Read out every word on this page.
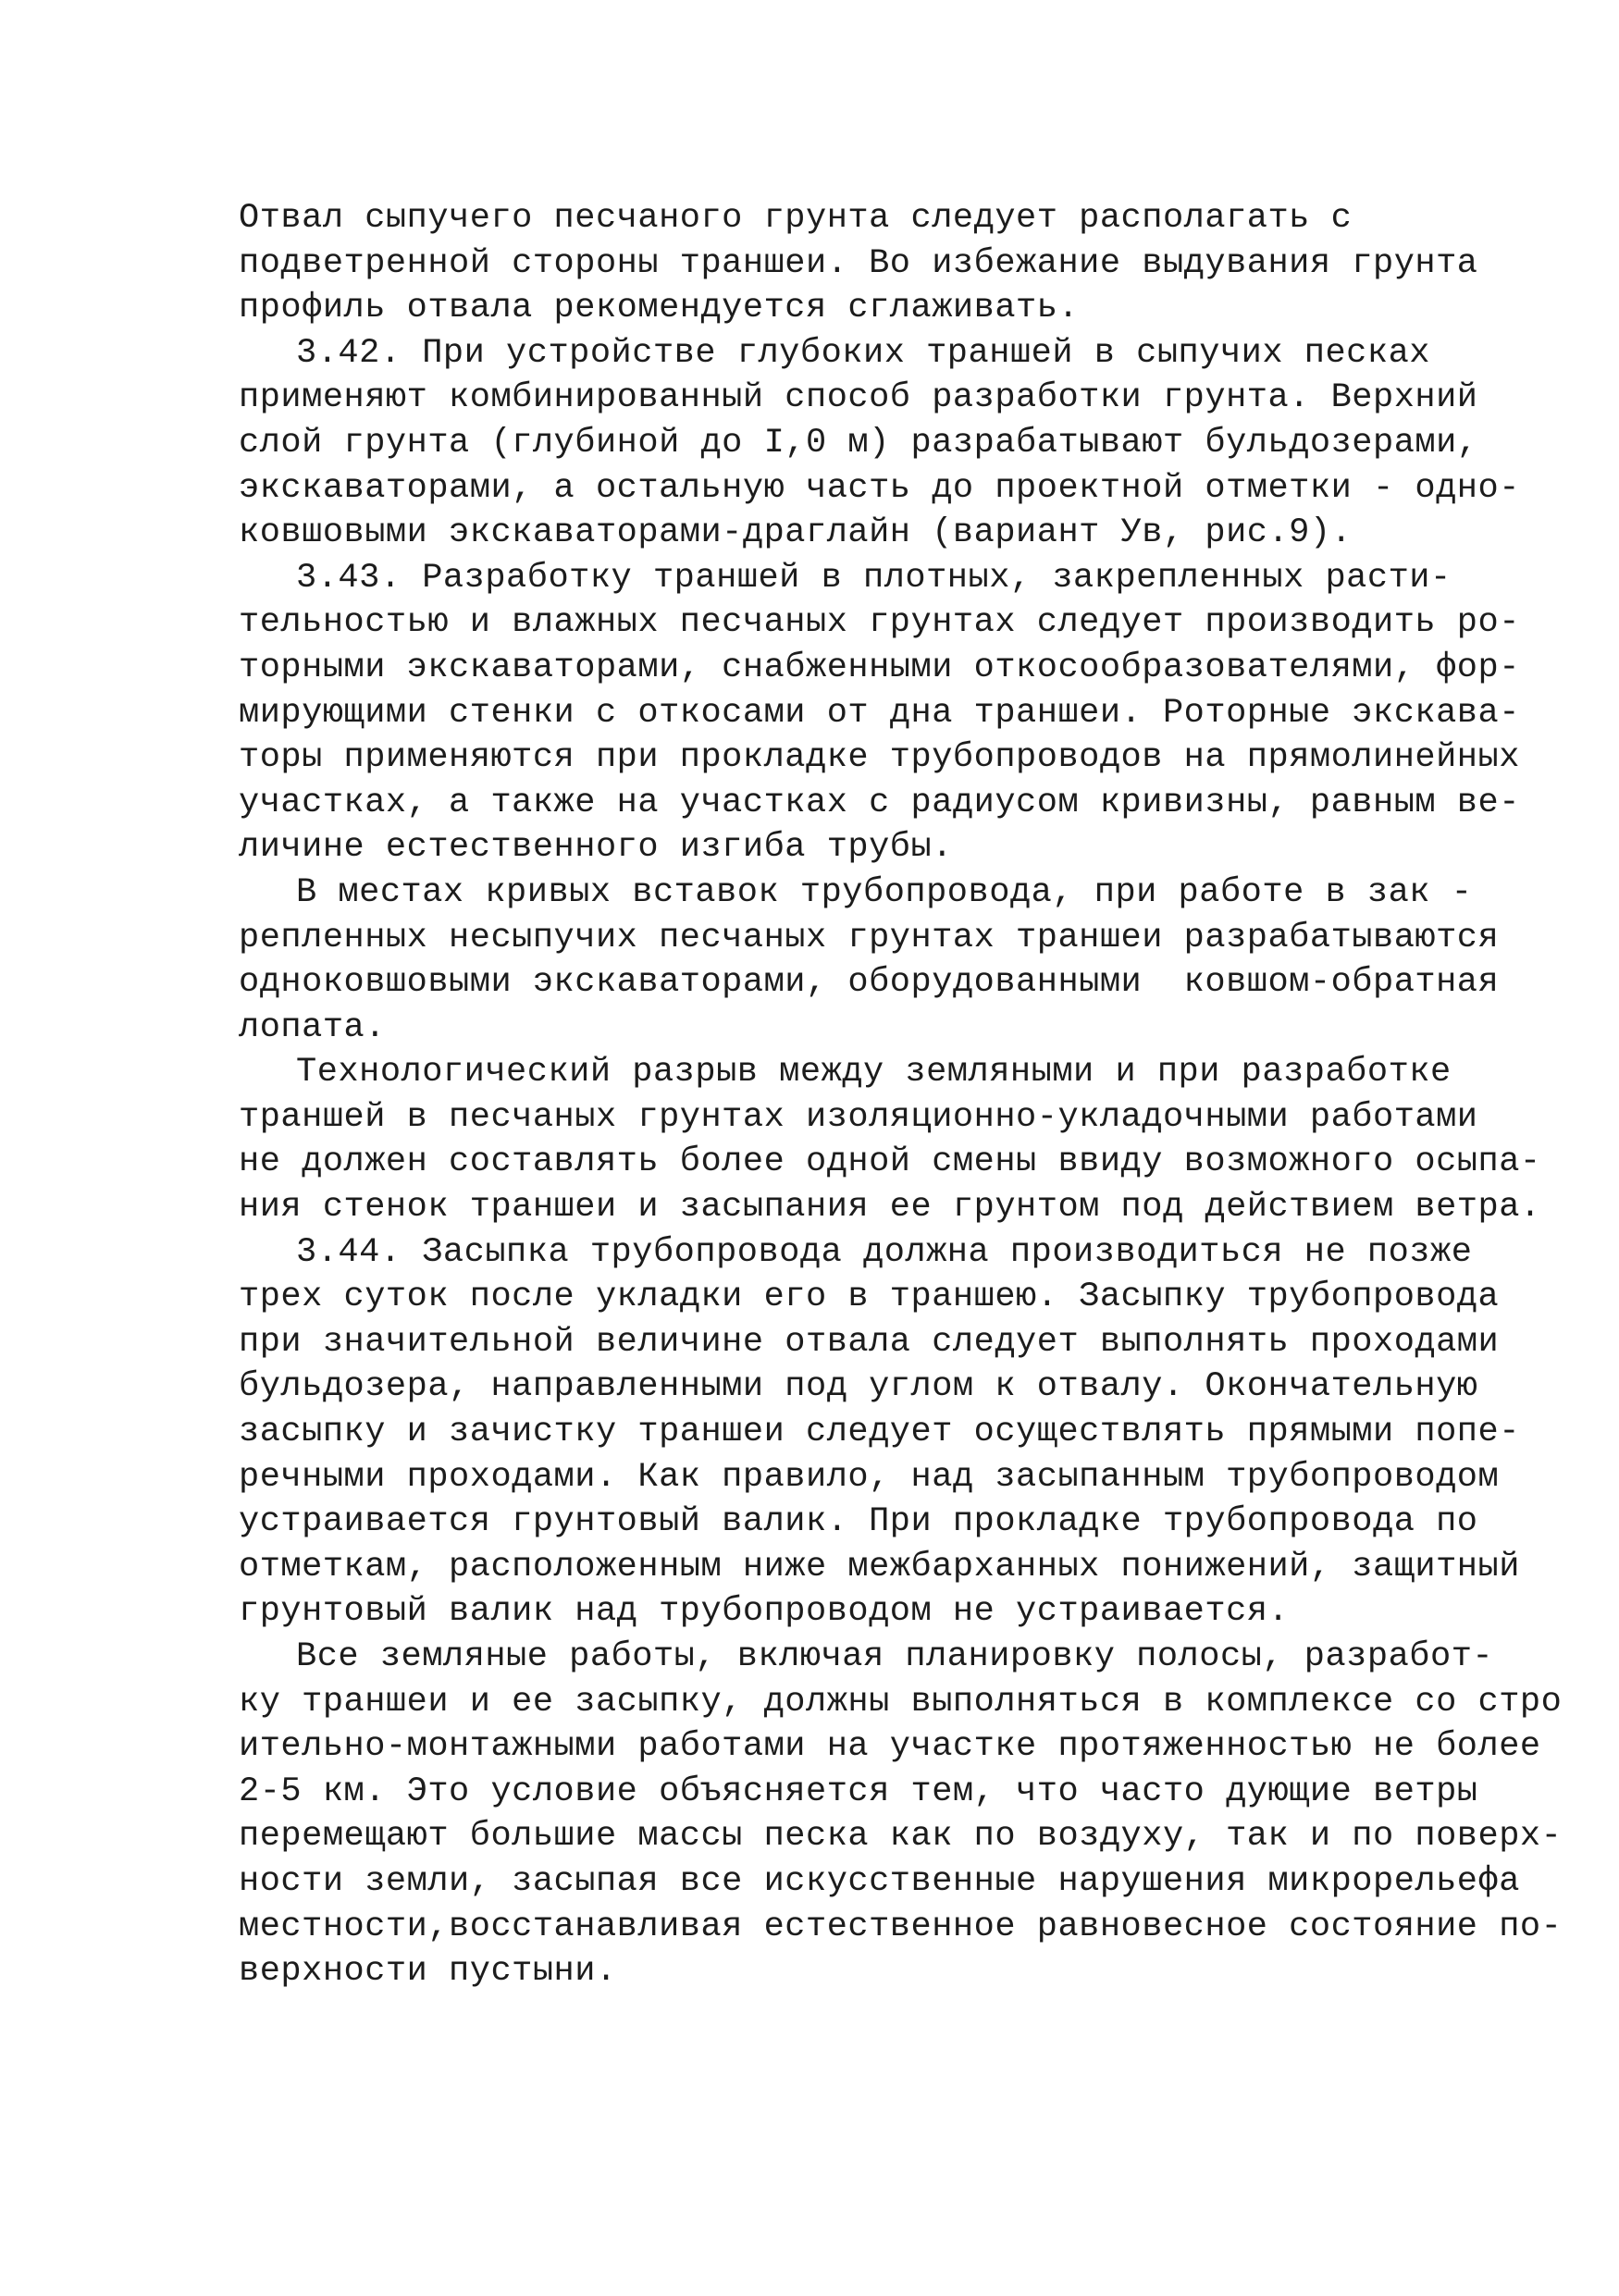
Отвал сыпучего песчаного грунта следует располагать с
подветренной стороны траншеи. Во избежание выдувания грунта
профиль отвала рекомендуется сглаживать.
3.42. При устройстве глубоких траншей в сыпучих песках
применяют комбинированный способ разработки грунта. Верхний
слой грунта (глубиной до I,0 м) разрабатывают бульдозерами,
экскаваторами, а остальную часть до проектной отметки - одно-
ковшовыми экскаваторами-драглайн (вариант Ув, рис.9).
3.43. Разработку траншей в плотных, закрепленных расти-
тельностью и влажных песчаных грунтах следует производить ро-
торными экскаваторами, снабженными откосообразователями, фор-
мирующими стенки с откосами от дна траншеи. Роторные экскава-
торы применяются при прокладке трубопроводов на прямолинейных
участках, а также на участках с радиусом кривизны, равным ве-
личине естественного изгиба трубы.
В местах кривых вставок трубопровода, при работе в зак -
репленных несыпучих песчаных грунтах траншеи разрабатываются
одноковшовыми экскаваторами, оборудованными  ковшом-обратная
лопата.
Технологический разрыв между земляными и при разработке
траншей в песчаных грунтах изоляционно-укладочными работами
не должен составлять более одной смены ввиду возможного осыпа-
ния стенок траншеи и засыпания ее грунтом под действием ветра.
3.44. Засыпка трубопровода должна производиться не позже
трех суток после укладки его в траншею. Засыпку трубопровода
при значительной величине отвала следует выполнять проходами
бульдозера, направленными под углом к отвалу. Окончательную
засыпку и зачистку траншеи следует осуществлять прямыми попе-
речными проходами. Как правило, над засыпанным трубопроводом
устраивается грунтовый валик. При прокладке трубопровода по
отметкам, расположенным ниже межбарханных понижений, защитный
грунтовый валик над трубопроводом не устраивается.
Все земляные работы, включая планировку полосы, разработ-
ку траншеи и ее засыпку, должны выполняться в комплексе со стро
ительно-монтажными работами на участке протяженностью не более
2-5 км. Это условие объясняется тем, что часто дующие ветры
перемещают большие массы песка как по воздуху, так и по поверх-
ности земли, засыпая все искусственные нарушения микрорельефа
местности,восстанавливая естественное равновесное состояние по-
верхности пустыни.
